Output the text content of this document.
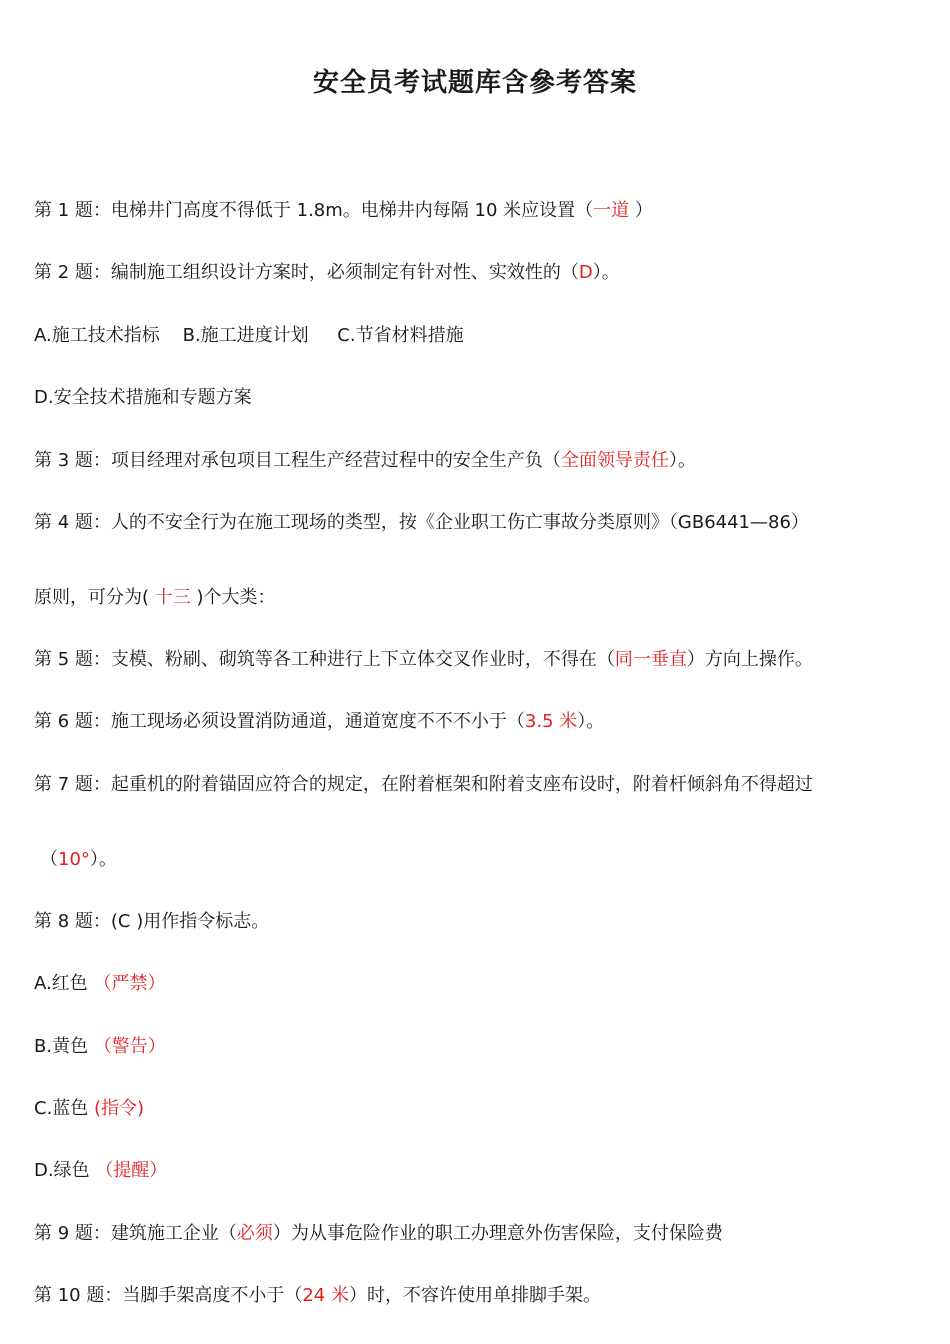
安全员考试题库含參考答案
第 1 题：电梯井门高度不得低于 1.8m。电梯井内每隔 10 米应设置（一道 ）
第 2 题：编制施工组织设计方案时，必须制定有针对性、实效性的（D）。
A.施工技术指标    B.施工进度计划     C.节省材料措施
D.安全技术措施和专题方案
第 3 题：项目经理对承包项目工程生产经营过程中的安全生产负（全面领导责任）。
第 4 题：人的不安全行为在施工现场的类型，按《企业职工伤亡事故分类原则》（GB6441—86）
原则，可分为( 十三 )个大类：
第 5 题：支模、粉刷、砌筑等各工种进行上下立体交叉作业时，不得在（同一垂直）方向上操作。
第 6 题：施工现场必须设置消防通道，通道宽度不不不小于（3.5 米）。
第 7 题：起重机的附着锚固应符合的规定，在附着框架和附着支座布设时，附着杆倾斜角不得超过
（10°）。
第 8 题：(C )用作指令标志。
A.红色 （严禁）
B.黄色 （警告）
C.蓝色 (指令)
D.绿色 （提醒）
第 9 题：建筑施工企业（必须）为从事危险作业的职工办理意外伤害保险，支付保险费
第 10 题：当脚手架高度不小于（24 米）时，不容许使用单排脚手架。
